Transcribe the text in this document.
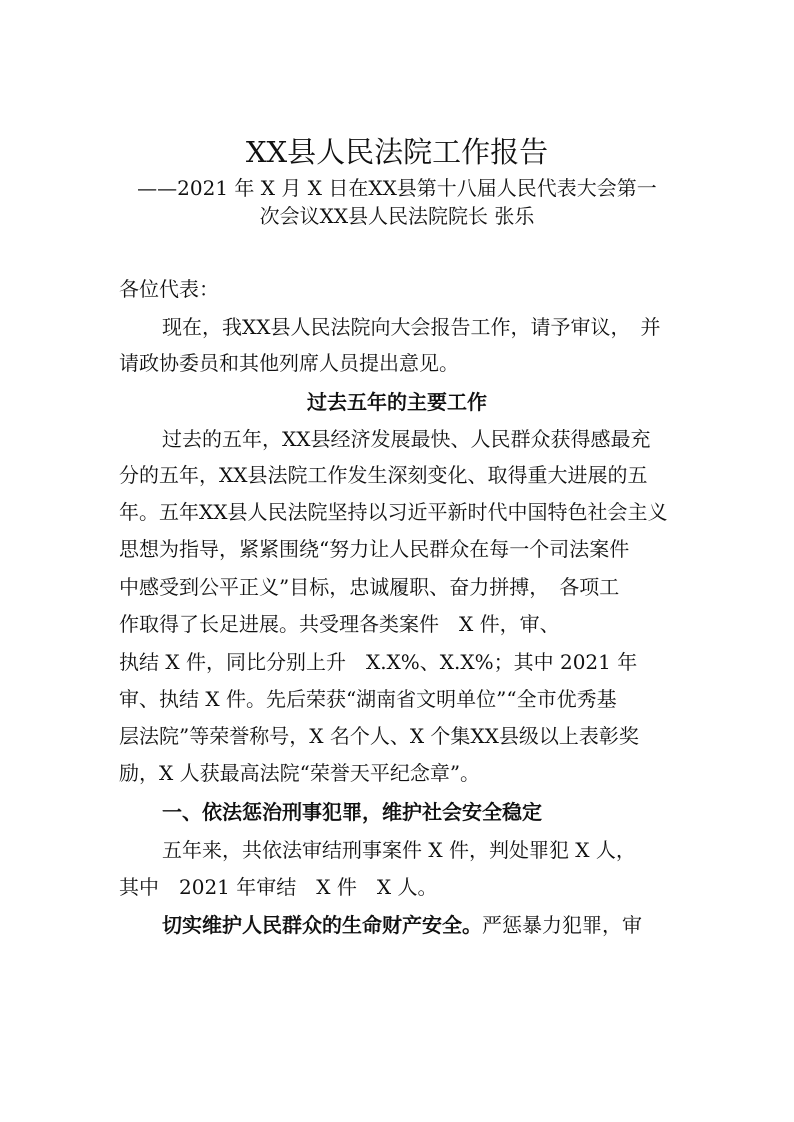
XX县人民法院工作报告
——2021 年 X 月 X 日在XX县第十八届人民代表大会第一
次会议XX县人民法院院长 张乐
各位代表：
现在，我XX县人民法院向大会报告工作，请予审议，　并
请政协委员和其他列席人员提出意见。
过去五年的主要工作
过去的五年，XX县经济发展最快、人民群众获得感最充
分的五年，XX县法院工作发生深刻变化、取得重大进展的五
年。五年XX县人民法院坚持以习近平新时代中国特色社会主义
思想为指导，紧紧围绕“努力让人民群众在每一个司法案件
中感受到公平正义”目标，忠诚履职、奋力拼搏，　各项工
作取得了长足进展。共受理各类案件　X 件，审、
执结 X 件，同比分别上升　X.X%、X.X%；其中 2021 年
审、执结 X 件。先后荣获“湖南省文明单位”“全市优秀基
层法院”等荣誉称号，X 名个人、X 个集XX县级以上表彰奖
励，X 人获最高法院“荣誉天平纪念章”。
一、依法惩治刑事犯罪，维护社会安全稳定
五年来，共依法审结刑事案件 X 件，判处罪犯 X 人，
其中　2021 年审结　X 件　X 人。
切实维护人民群众的生命财产安全。严惩暴力犯罪，审
